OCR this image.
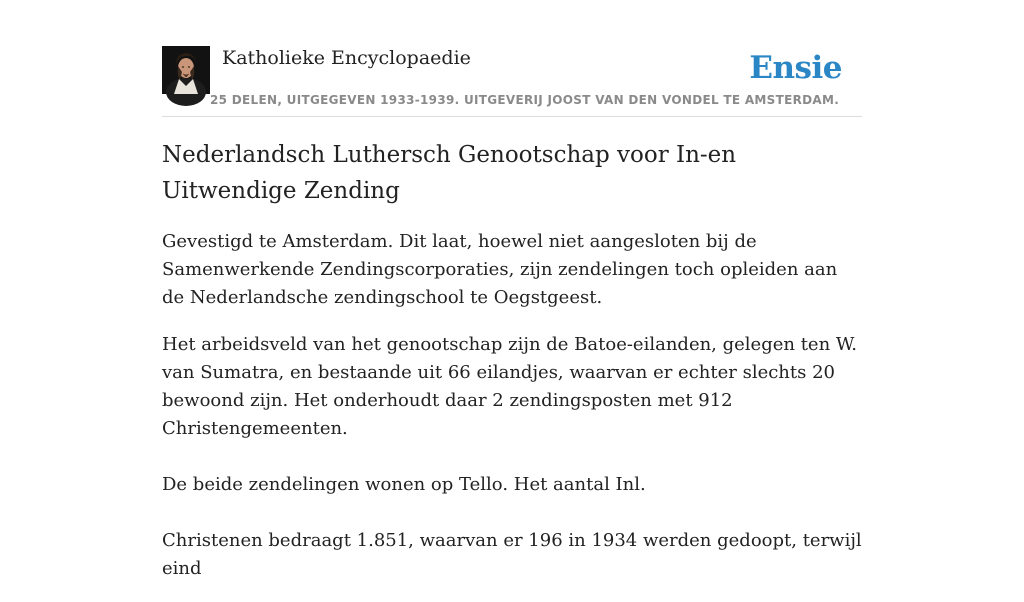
Katholieke Encyclopaedie
25 DELEN, UITGEGEVEN 1933-1939. UITGEVERIJ JOOST VAN DEN VONDEL TE AMSTERDAM.
Ensie
Nederlandsch Luthersch Genootschap voor In-en Uitwendige Zending

Gevestigd te Amsterdam. Dit laat, hoewel niet aangesloten bij de Samenwerkende Zendingscorporaties, zijn zendelingen toch opleiden aan de Nederlandsche zendingschool te Oegstgeest.

Het arbeidsveld van het genootschap zijn de Batoe-eilanden, gelegen ten W. van Sumatra, en bestaande uit 66 eilandjes, waarvan er echter slechts 20 bewoond zijn. Het onderhoudt daar 2 zendingsposten met 912 Christengemeenten.

De beide zendelingen wonen op Tello. Het aantal Inl.

Christenen bedraagt 1.851, waarvan er 196 in 1934 werden gedoopt, terwijl eind
